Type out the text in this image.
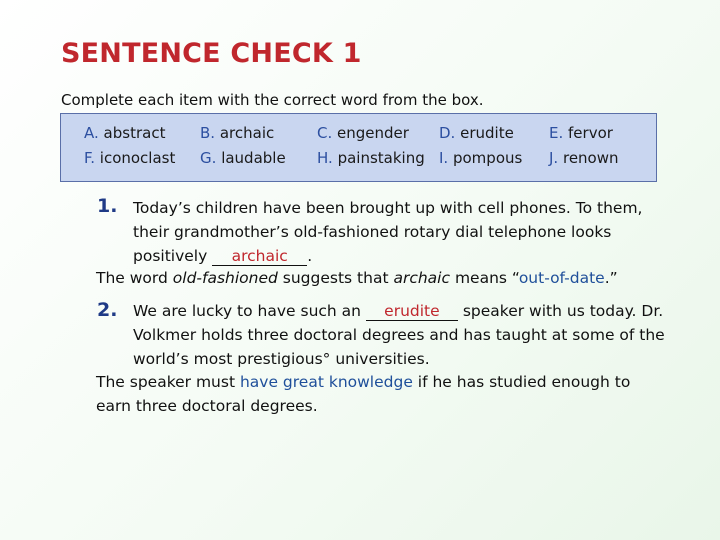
SENTENCE CHECK 1
Complete each item with the correct word from the box.
A. abstract B. archaic	C. engender D. erudite E. fervor
F. iconoclast G. laudable H. painstaking I. pompous J. renown
1. Today’s children have been brought up with cell phones. To them,
their grandmother’s old-fashioned rotary dial telephone looks
positively archaic .
The word old-fashioned suggests that archaic means “out-of-date.”
2. We are lucky to have such an erudite speaker with us today. Dr.
Volkmer holds three doctoral degrees and has taught at some of the
world’s most prestigious° universities.
The speaker must have great knowledge if he has studied enough to
earn three doctoral degrees.
